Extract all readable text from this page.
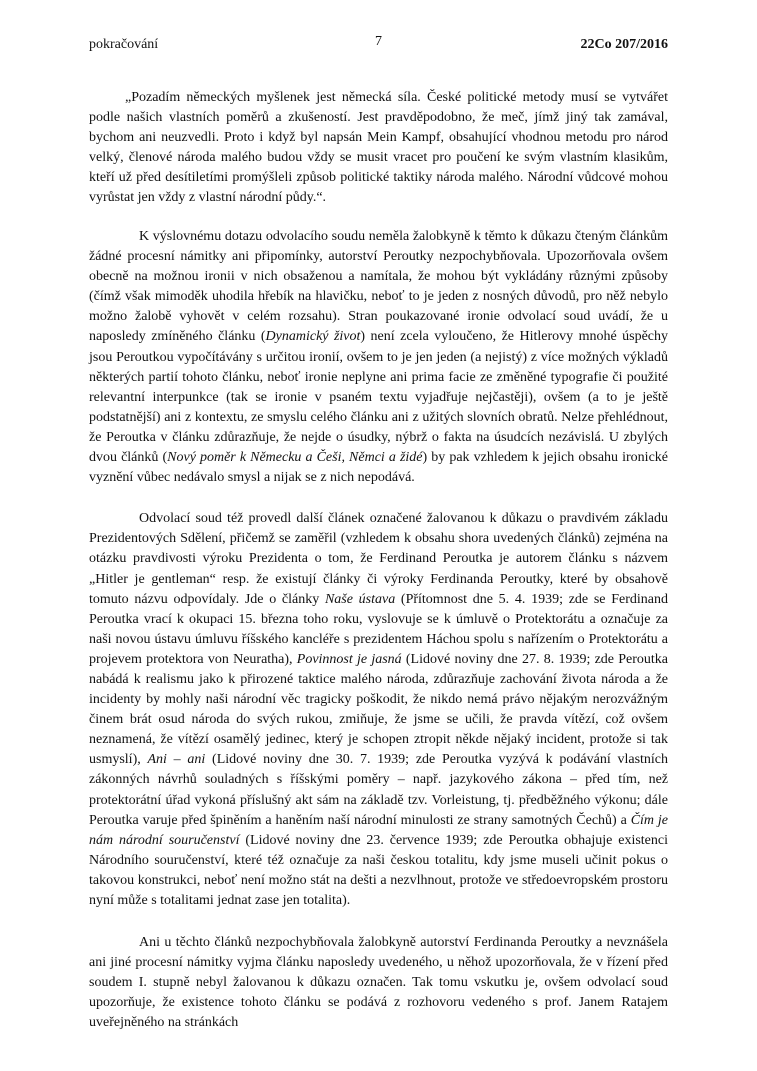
pokračování	7	22Co 207/2016

„Pozadím německých myšlenek jest německá síla. České politické metody musí se vytvářet podle našich vlastních poměrů a zkušeností. Jest pravděpodobno, že meč, jímž jiný tak zamával, bychom ani neuzvedli. Proto i když byl napsán Mein Kampf, obsahující vhodnou metodu pro národ velký, členové národa malého budou vždy se musit vracet pro poučení ke svým vlastním klasikům, kteří už před desítiletími promýšleli způsob politické taktiky národa malého. Národní vůdcové mohou vyrůstat jen vždy z vlastní národní půdy.“.

K výslovnému dotazu odvolacího soudu neměla žalobkyně k těmto k důkazu čteným článkům žádné procesní námitky ani připomínky, autorství Peroutky nezpochybňovala. Upozorňovala ovšem obecně na možnou ironii v nich obsaženou a namítala, že mohou být vykládány různými způsoby (čímž však mimoděk uhodila hřebík na hlavičku, neboť to je jeden z nosných důvodů, pro něž nebylo možno žalobě vyhovět v celém rozsahu). Stran poukazované ironie odvolací soud uvádí, že u naposledy zmíněného článku (Dynamický život) není zcela vyloučeno, že Hitlerovy mnohé úspěchy jsou Peroutkou vypočítávány s určitou ironií, ovšem to je jen jeden (a nejistý) z více možných výkladů některých partií tohoto článku, neboť ironie neplyne ani prima facie ze změněné typografie či použité relevantní interpunkce (tak se ironie v psaném textu vyjadřuje nejčastěji), ovšem (a to je ještě podstatnější) ani z kontextu, ze smyslu celého článku ani z užitých slovních obratů. Nelze přehlédnout, že Peroutka v článku zdůrazňuje, že nejde o úsudky, nýbrž o fakta na úsudcích nezávislá. U zbylých dvou článků (Nový poměr k Německu a Češi, Němci a židé) by pak vzhledem k jejich obsahu ironické vyznění vůbec nedávalo smysl a nijak se z nich nepodává.

Odvolací soud též provedl další článek označené žalovanou k důkazu o pravdivém základu Prezidentových Sdělení, přičemž se zaměřil (vzhledem k obsahu shora uvedených článků) zejména na otázku pravdivosti výroku Prezidenta o tom, že Ferdinand Peroutka je autorem článku s názvem „Hitler je gentleman“ resp. že existují články či výroky Ferdinanda Peroutky, které by obsahově tomuto názvu odpovídaly. Jde o články Naše ústava (Přítomnost dne 5. 4. 1939; zde se Ferdinand Peroutka vrací k okupaci 15. března toho roku, vyslovuje se k úmluvě o Protektorátu a označuje za naši novou ústavu úmluvu říšského kancléře s prezidentem Háchou spolu s nařízením o Protektorátu a projevem protektora von Neuratha), Povinnost je jasná (Lidové noviny dne 27. 8. 1939; zde Peroutka nabádá k realismu jako k přirozené taktice malého národa, zdůrazňuje zachování života národa a že incidenty by mohly naši národní věc tragicky poškodit, že nikdo nemá právo nějakým nerozvážným činem brát osud národa do svých rukou, zmiňuje, že jsme se učili, že pravda vítězí, což ovšem neznamená, že vítězí osamělý jedinec, který je schopen ztropit někde nějaký incident, protože si tak usmyslí), Ani – ani (Lidové noviny dne 30. 7. 1939; zde Peroutka vyzývá k podávání vlastních zákonných návrhů souladných s říšskými poměry – např. jazykového zákona – před tím, než protektorátní úřad vykoná příslušný akt sám na základě tzv. Vorleistung, tj. předběžného výkonu; dále Peroutka varuje před špiněním a haněním naší národní minulosti ze strany samotných Čechů) a Čím je nám národní souručenství (Lidové noviny dne 23. července 1939; zde Peroutka obhajuje existenci Národního souručenství, které též označuje za naši českou totalitu, kdy jsme museli učinit pokus o takovou konstrukci, neboť není možno stát na dešti a nezvlhnout, protože ve středoevropském prostoru nyní může s totalitami jednat zase jen totalita).

Ani u těchto článků nezpochybňovala žalobkyně autorství Ferdinanda Peroutky a nevznášela ani jiné procesní námitky vyjma článku naposledy uvedeného, u něhož upozorňovala, že v řízení před soudem I. stupně nebyl žalovanou k důkazu označen. Tak tomu vskutku je, ovšem odvolací soud upozorňuje, že existence tohoto článku se podává z rozhovoru vedeného s prof. Janem Ratajem uveřejněného na stránkách
